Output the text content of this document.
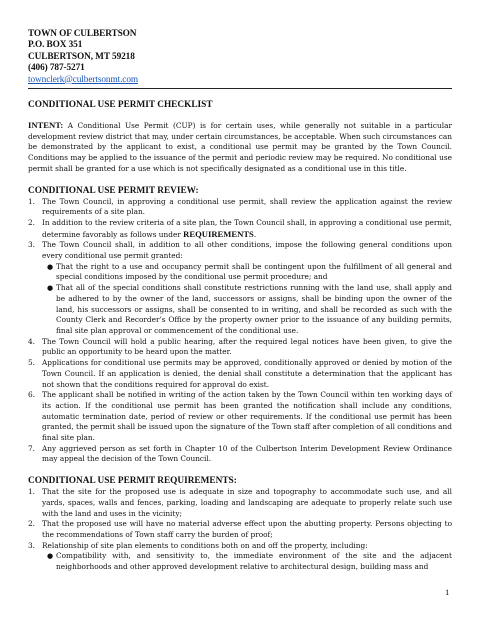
TOWN OF CULBERTSON
P.O. BOX 351
CULBERTSON, MT 59218
(406) 787-5271
townclerk@culbertsonmt.com
CONDITIONAL USE PERMIT CHECKLIST
INTENT: A Conditional Use Permit (CUP) is for certain uses, while generally not suitable in a particular development review district that may, under certain circumstances, be acceptable. When such circumstances can be demonstrated by the applicant to exist, a conditional use permit may be granted by the Town Council. Conditions may be applied to the issuance of the permit and periodic review may be required. No conditional use permit shall be granted for a use which is not specifically designated as a conditional use in this title.
CONDITIONAL USE PERMIT REVIEW:
1. The Town Council, in approving a conditional use permit, shall review the application against the review requirements of a site plan.
2. In addition to the review criteria of a site plan, the Town Council shall, in approving a conditional use permit, determine favorably as follows under REQUIREMENTS.
3. The Town Council shall, in addition to all other conditions, impose the following general conditions upon every conditional use permit granted:
● That the right to a use and occupancy permit shall be contingent upon the fulfillment of all general and special conditions imposed by the conditional use permit procedure; and
● That all of the special conditions shall constitute restrictions running with the land use, shall apply and be adhered to by the owner of the land, successors or assigns, shall be binding upon the owner of the land, his successors or assigns, shall be consented to in writing, and shall be recorded as such with the County Clerk and Recorder’s Office by the property owner prior to the issuance of any building permits, final site plan approval or commencement of the conditional use.
4. The Town Council will hold a public hearing, after the required legal notices have been given, to give the public an opportunity to be heard upon the matter.
5. Applications for conditional use permits may be approved, conditionally approved or denied by motion of the Town Council. If an application is denied, the denial shall constitute a determination that the applicant has not shown that the conditions required for approval do exist.
6. The applicant shall be notified in writing of the action taken by the Town Council within ten working days of its action. If the conditional use permit has been granted the notification shall include any conditions, automatic termination date, period of review or other requirements. If the conditional use permit has been granted, the permit shall be issued upon the signature of the Town staff after completion of all conditions and final site plan.
7. Any aggrieved person as set forth in Chapter 10 of the Culbertson Interim Development Review Ordinance may appeal the decision of the Town Council.
CONDITIONAL USE PERMIT REQUIREMENTS:
1. That the site for the proposed use is adequate in size and topography to accommodate such use, and all yards, spaces, walls and fences, parking, loading and landscaping are adequate to properly relate such use with the land and uses in the vicinity;
2. That the proposed use will have no material adverse effect upon the abutting property. Persons objecting to the recommendations of Town staff carry the burden of proof;
3. Relationship of site plan elements to conditions both on and off the property, including:
● Compatibility with, and sensitivity to, the immediate environment of the site and the adjacent neighborhoods and other approved development relative to architectural design, building mass and
1
